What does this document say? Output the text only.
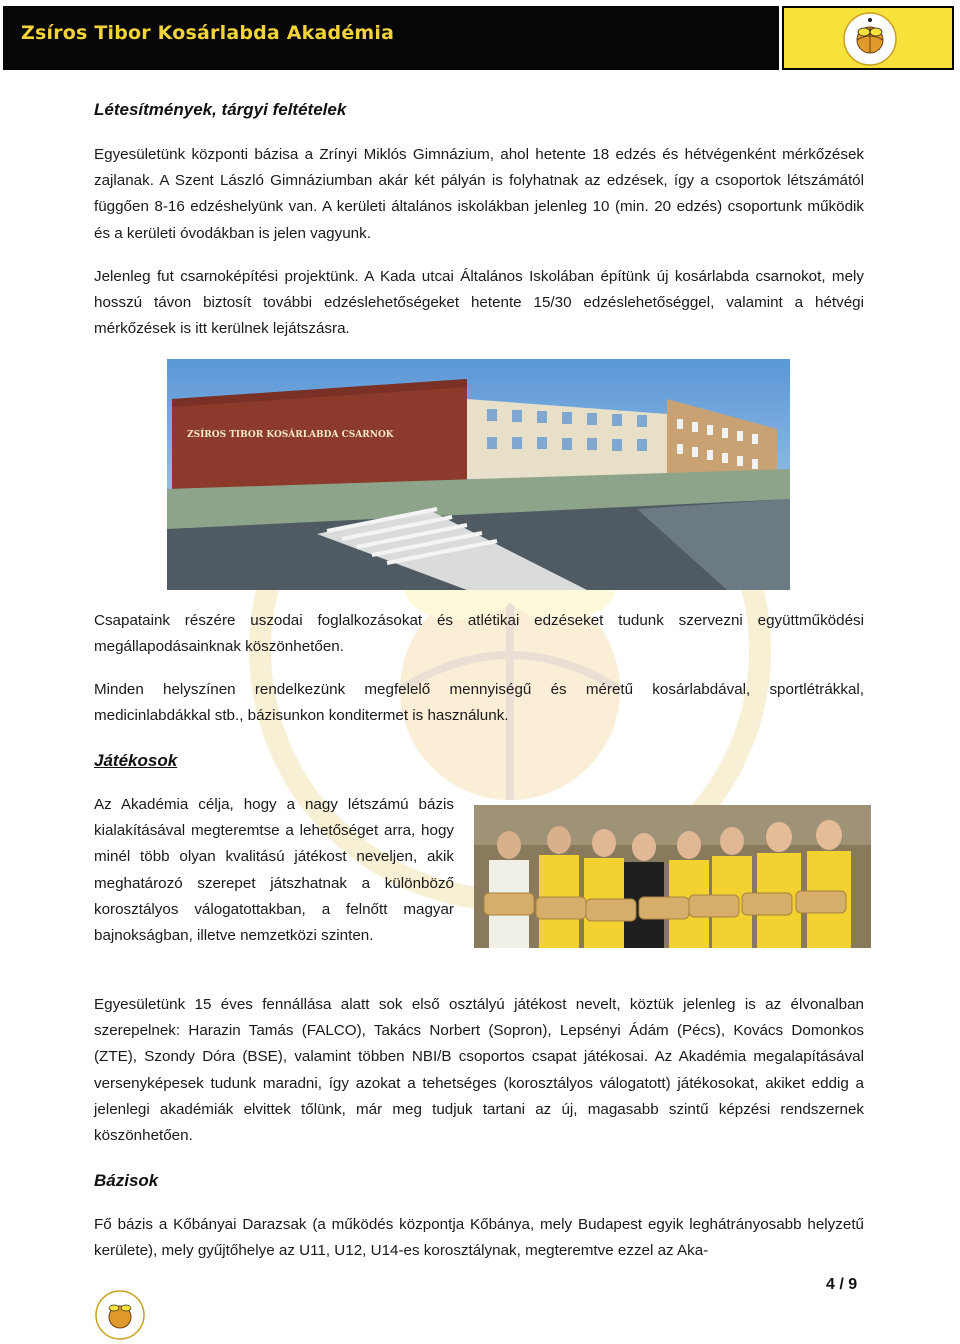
Zsíros Tibor Kosárlabda Akadémia
Létesítmények, tárgyi feltételek

Egyesületünk központi bázisa a Zrínyi Miklós Gimnázium, ahol hetente 18 edzés és hétvégenként mérkőzések zajlanak. A Szent László Gimnáziumban akár két pályán is folyhatnak az edzések, így a csoportok létszámától függően 8-16 edzéshelyünk van. A kerületi általános iskolákban jelenleg 10 (min. 20 edzés) csoportunk működik és a kerületi óvodákban is jelen vagyunk.

Jelenleg fut csarnoképítési projektünk. A Kada utcai Általános Iskolában építünk új kosárlabda csarnokot, mely hosszú távon biztosít további edzéslehetőségeket hetente 15/30 edzéslehetőséggel, valamint a hétvégi mérkőzések is itt kerülnek lejátszásra.

ZSÍROS TIBOR KOSÁRLABDA CSARNOK

Csapataink részére uszodai foglalkozásokat és atlétikai edzéseket tudunk szervezni együttműködési megállapodásainknak köszönhetően.

Minden helyszínen rendelkezünk megfelelő mennyiségű és méretű kosárlabdával, sportlétrákkal, medicinlabdákkal stb., bázisunkon konditermet is használunk.

Játékosok

Az Akadémia célja, hogy a nagy létszámú bázis kialakításával megteremtse a lehetőséget arra, hogy minél több olyan kvalitású játékost neveljen, akik meghatározó szerepet játszhatnak a különböző korosztályos válogatottakban, a felnőtt magyar bajnokságban, illetve nemzetközi szinten.

Egyesületünk 15 éves fennállása alatt sok első osztályú játékost nevelt, köztük jelenleg is az élvonalban szerepelnek: Harazin Tamás (FALCO), Takács Norbert (Sopron), Lepsényi Ádám (Pécs), Kovács Domonkos (ZTE), Szondy Dóra (BSE), valamint többen NBI/B csoportos csapat játékosai. Az Akadémia megalapításával versenyképesek tudunk maradni, így azokat a tehetséges (korosztályos válogatott) játékosokat, akiket eddig a jelenlegi akadémiák elvittek tőlünk, már meg tudjuk tartani az új, magasabb szintű képzési rendszernek köszönhetően.

Bázisok

Fő bázis a Kőbányai Darazsak (a működés központja Kőbánya, mely Budapest egyik leghátrányosabb helyzetű kerülete), mely gyűjtőhelye az U11, U12, U14-es korosztálynak, megteremtve ezzel az Aka-

4 / 9
